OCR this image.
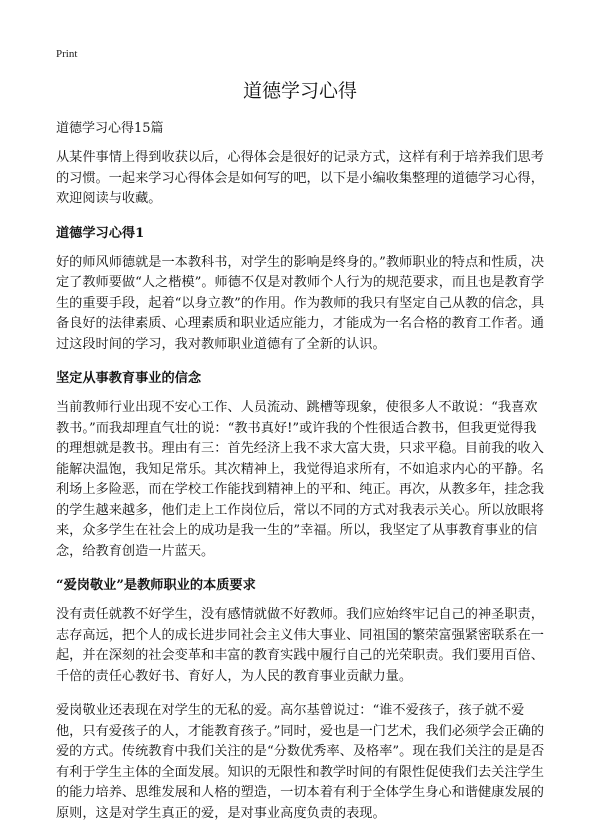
Print
道德学习心得
道德学习心得15篇

从某件事情上得到收获以后，心得体会是很好的记录方式，这样有利于培养我们思考的习惯。一起来学习心得体会是如何写的吧，以下是小编收集整理的道德学习心得，欢迎阅读与收藏。

道德学习心得1

好的师风师德就是一本教科书，对学生的影响是终身的。”教师职业的特点和性质，决定了教师要做“人之楷模”。师德不仅是对教师个人行为的规范要求，而且也是教育学生的重要手段，起着“以身立教”的作用。作为教师的我只有坚定自己从教的信念，具备良好的法律素质、心理素质和职业适应能力，才能成为一名合格的教育工作者。通过这段时间的学习，我对教师职业道德有了全新的认识。

坚定从事教育事业的信念

当前教师行业出现不安心工作、人员流动、跳槽等现象，使很多人不敢说：“我喜欢教书。”而我却理直气壮的说：“教书真好!”或许我的个性很适合教书，但我更觉得我的理想就是教书。理由有三：首先经济上我不求大富大贵，只求平稳。目前我的收入能解决温饱，我知足常乐。其次精神上，我觉得追求所有，不如追求内心的平静。名利场上多险恶，而在学校工作能找到精神上的平和、纯正。再次，从教多年，挂念我的学生越来越多，他们走上工作岗位后，常以不同的方式对我表示关心。所以放眼将来，众多学生在社会上的成功是我一生的”幸福。所以，我坚定了从事教育事业的信念，给教育创造一片蓝天。

“爱岗敬业”是教师职业的本质要求

没有责任就教不好学生，没有感情就做不好教师。我们应始终牢记自己的神圣职责，志存高远，把个人的成长进步同社会主义伟大事业、同祖国的繁荣富强紧密联系在一起，并在深刻的社会变革和丰富的教育实践中履行自己的光荣职责。我们要用百倍、千倍的责任心教好书、育好人，为人民的教育事业贡献力量。

爱岗敬业还表现在对学生的无私的爱。高尔基曾说过：“谁不爱孩子，孩子就不爱他，只有爱孩子的人，才能教育孩子。”同时，爱也是一门艺术，我们必须学会正确的爱的方式。传统教育中我们关注的是“分数优秀率、及格率”。现在我们关注的是是否有利于学生主体的全面发展。知识的无限性和教学时间的有限性促使我们去关注学生的能力培养、思维发展和人格的塑造，一切本着有利于全体学生身心和谐健康发展的原则，这是对学生真正的爱，是对事业高度负责的表现。
